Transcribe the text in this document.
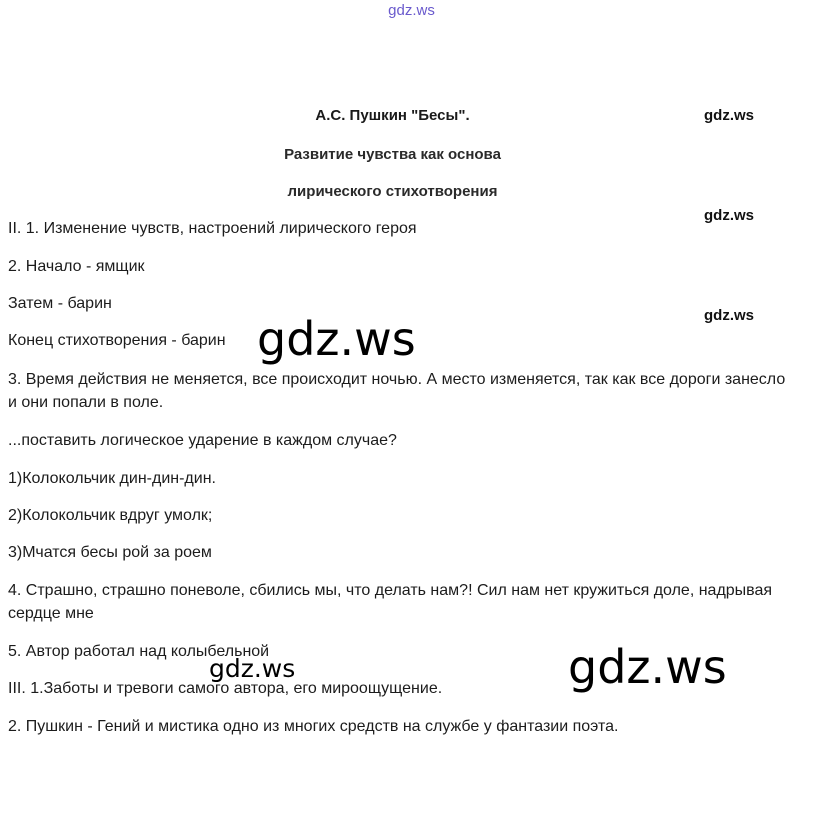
gdz.ws
А.С. Пушкин "Бесы".
Развитие чувства как основа
лирического стихотворения
gdz.ws
gdz.ws
gdz.ws
II. 1. Изменение чувств, настроений лирического героя
2. Начало - ямщик
Затем - барин
Конец стихотворения - барин
3. Время действия не меняется, все происходит ночью. А место изменяется, так как все дороги занесло и они попали в поле.
...поставить логическое ударение в каждом случае?
1)Колокольчик дин-дин-дин.
2)Колокольчик вдруг умолк;
3)Мчатся бесы рой за роем
4. Страшно, страшно поневоле, сбились мы, что делать нам?! Сил нам нет кружиться доле, надрывая сердце мне
5. Автор работал над колыбельной
III. 1.Заботы и тревоги самого автора, его мироощущение.
2. Пушкин - Гений и мистика одно из многих средств на службе у фантазии поэта.
gdz.ws
gdz.ws
gdz.ws
